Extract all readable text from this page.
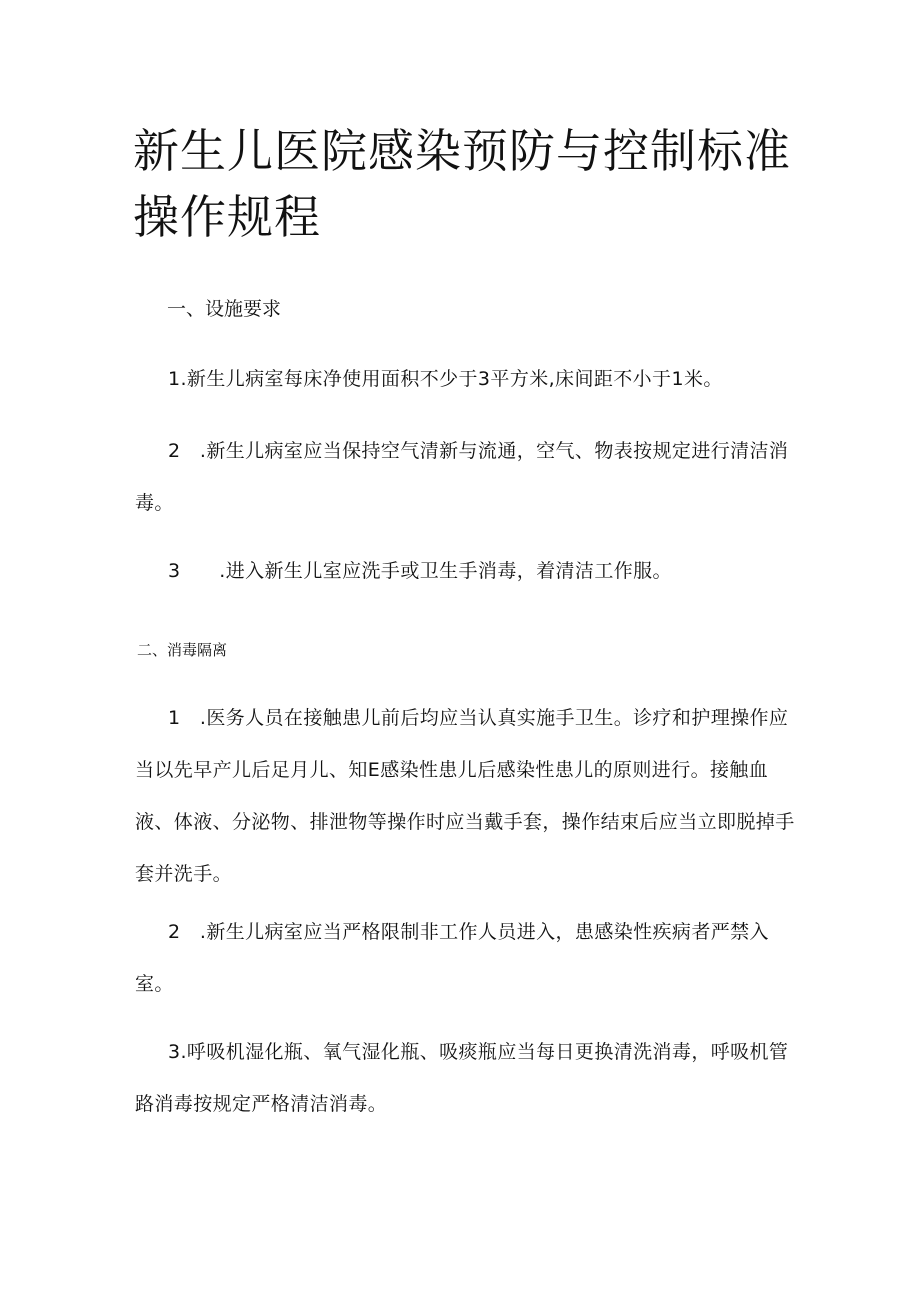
新生儿医院感染预防与控制标准操作规程

一、设施要求

1.新生儿病室每床净使用面积不少于3平方米,床间距不小于1米。

2　.新生儿病室应当保持空气清新与流通，空气、物表按规定进行清洁消毒。

3　　.进入新生儿室应洗手或卫生手消毒，着清洁工作服。

二、消毒隔离

1　.医务人员在接触患儿前后均应当认真实施手卫生。诊疗和护理操作应当以先早产儿后足月儿、知E感染性患儿后感染性患儿的原则进行。接触血液、体液、分泌物、排泄物等操作时应当戴手套，操作结束后应当立即脱掉手套并洗手。

2　.新生儿病室应当严格限制非工作人员进入，患感染性疾病者严禁入室。

3.呼吸机湿化瓶、氧气湿化瓶、吸痰瓶应当每日更换清洗消毒，呼吸机管路消毒按规定严格清洁消毒。
